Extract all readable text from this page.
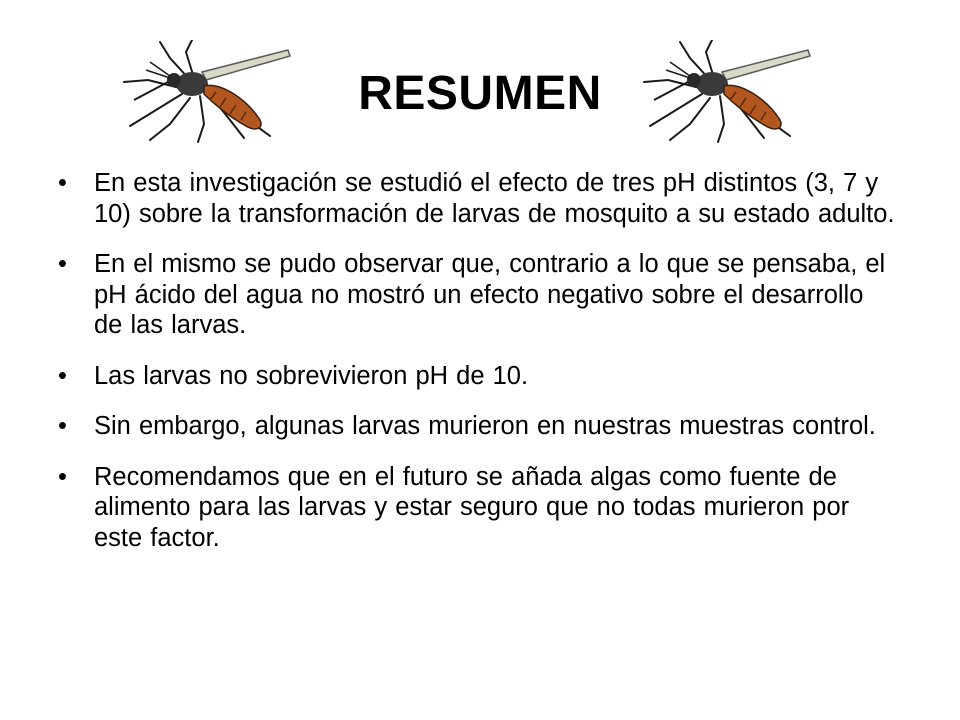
RESUMEN
•	En esta investigación se estudió el efecto de tres pH distintos (3, 7 y 10) sobre la transformación de larvas de mosquito a su estado adulto.
•	En el mismo se pudo observar que, contrario a lo que se pensaba, el pH ácido del agua no mostró un efecto negativo sobre el desarrollo de las larvas.
•	Las larvas no sobrevivieron pH de 10.
•	Sin embargo, algunas larvas murieron en nuestras muestras control.
•	Recomendamos que en el futuro se añada algas como fuente de alimento para las larvas y estar seguro que no todas murieron por este factor.
